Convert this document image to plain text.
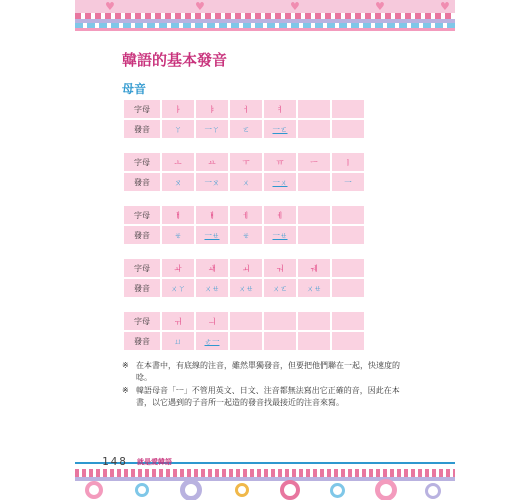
♥	♥	♥	♥	♥
韓語的基本發音
母音
字母	ㅏ	ㅑ	ㅓ	ㅕ		
發音	ㄚ	一ㄚ	ㄛ	一ㄛ		
字母	ㅗ	ㅛ	ㅜ	ㅠ	ㅡ	ㅣ
發音	ㄡ	一ㄡ	ㄨ	一ㄨ		一
字母	ㅐ	ㅒ	ㅔ	ㅖ		
發音	ㄝ	一ㄝ	ㄝ	一ㄝ		
字母	ㅘ	ㅙ	ㅚ	ㅝ	ㅞ	
發音	ㄨㄚ	ㄨㄝ	ㄨㄝ	ㄨㄛ	ㄨㄝ	
字母	ㅟ	ㅢ				
發音	ㄩ	ㄜ一				

※ 在本書中，有底線的注音，雖然單獨發音，但要把他們聯在一起，快速度的唸。

※ 韓語母音「ㅡ」不管用英文、日文、注音都無法寫出它正確的音，因此在本書，以它遇到的子音所一起造的發音找最接近的注音來寫。

148 就是愛韓語
